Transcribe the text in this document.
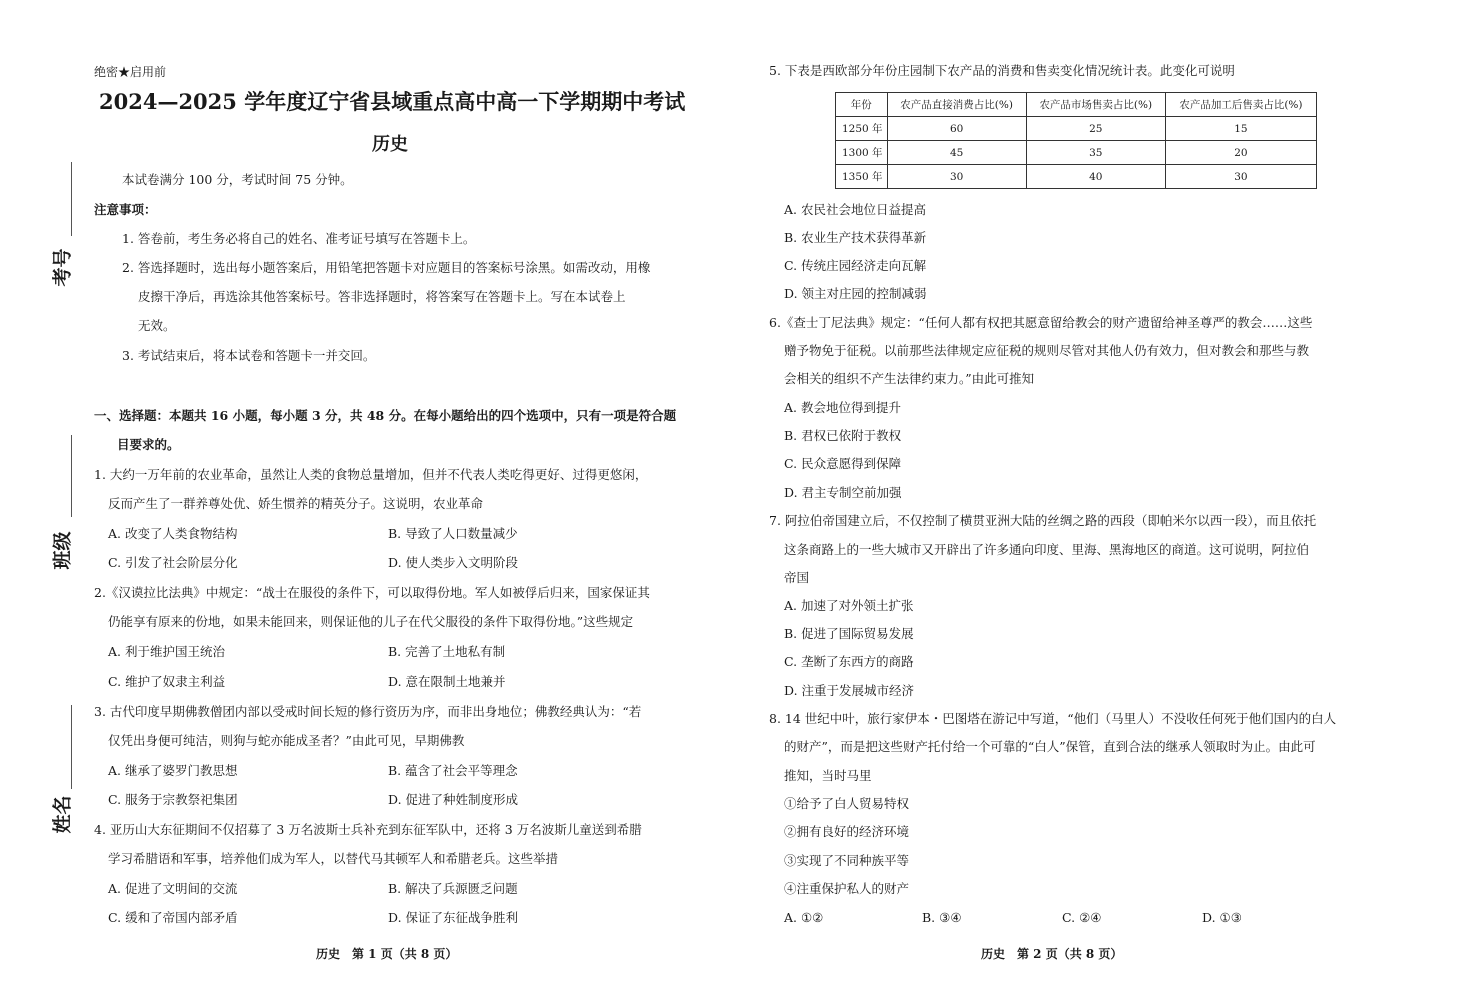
考号
班级
姓名
绝密★启用前
2024—2025 学年度辽宁省县域重点高中高一下学期期中考试
历史
本试卷满分 100 分，考试时间 75 分钟。
注意事项：
1. 答卷前，考生务必将自己的姓名、准考证号填写在答题卡上。
2. 答选择题时，选出每小题答案后，用铅笔把答题卡对应题目的答案标号涂黑。如需改动，用橡
皮擦干净后，再选涂其他答案标号。答非选择题时，将答案写在答题卡上。写在本试卷上
无效。
3. 考试结束后，将本试卷和答题卡一并交回。
一、选择题：本题共 16 小题，每小题 3 分，共 48 分。在每小题给出的四个选项中，只有一项是符合题
目要求的。
1. 大约一万年前的农业革命，虽然让人类的食物总量增加，但并不代表人类吃得更好、过得更悠闲，
反而产生了一群养尊处优、娇生惯养的精英分子。这说明，农业革命
A. 改变了人类食物结构	B. 导致了人口数量减少
C. 引发了社会阶层分化	D. 使人类步入文明阶段
2.《汉谟拉比法典》中规定：“战士在服役的条件下，可以取得份地。军人如被俘后归来，国家保证其
仍能享有原来的份地，如果未能回来，则保证他的儿子在代父服役的条件下取得份地。”这些规定
A. 利于维护国王统治	B. 完善了土地私有制
C. 维护了奴隶主利益	D. 意在限制土地兼并
3. 古代印度早期佛教僧团内部以受戒时间长短的修行资历为序，而非出身地位；佛教经典认为：“若
仅凭出身便可纯洁，则狗与蛇亦能成圣者？”由此可见，早期佛教
A. 继承了婆罗门教思想	B. 蕴含了社会平等理念
C. 服务于宗教祭祀集团	D. 促进了种姓制度形成
4. 亚历山大东征期间不仅招募了 3 万名波斯士兵补充到东征军队中，还将 3 万名波斯儿童送到希腊
学习希腊语和军事，培养他们成为军人，以替代马其顿军人和希腊老兵。这些举措
A. 促进了文明间的交流	B. 解决了兵源匮乏问题
C. 缓和了帝国内部矛盾	D. 保证了东征战争胜利
历史　第 1 页（共 8 页）
5. 下表是西欧部分年份庄园制下农产品的消费和售卖变化情况统计表。此变化可说明
年份	农产品直接消费占比(%)	农产品市场售卖占比(%)	农产品加工后售卖占比(%)
1250 年	60	25	15
1300 年	45	35	20
1350 年	30	40	30
A. 农民社会地位日益提高
B. 农业生产技术获得革新
C. 传统庄园经济走向瓦解
D. 领主对庄园的控制减弱
6.《查士丁尼法典》规定：“任何人都有权把其愿意留给教会的财产遗留给神圣尊严的教会……这些
赠予物免于征税。以前那些法律规定应征税的规则尽管对其他人仍有效力，但对教会和那些与教
会相关的组织不产生法律约束力。”由此可推知
A. 教会地位得到提升
B. 君权已依附于教权
C. 民众意愿得到保障
D. 君主专制空前加强
7. 阿拉伯帝国建立后，不仅控制了横贯亚洲大陆的丝绸之路的西段（即帕米尔以西一段），而且依托
这条商路上的一些大城市又开辟出了许多通向印度、里海、黑海地区的商道。这可说明，阿拉伯
帝国
A. 加速了对外领土扩张
B. 促进了国际贸易发展
C. 垄断了东西方的商路
D. 注重于发展城市经济
8. 14 世纪中叶，旅行家伊本・巴图塔在游记中写道，“他们（马里人）不没收任何死于他们国内的白人
的财产”，而是把这些财产托付给一个可靠的“白人”保管，直到合法的继承人领取时为止。由此可
推知，当时马里
①给予了白人贸易特权
②拥有良好的经济环境
③实现了不同种族平等
④注重保护私人的财产
A. ①②	B. ③④	C. ②④	D. ①③
历史　第 2 页（共 8 页）
